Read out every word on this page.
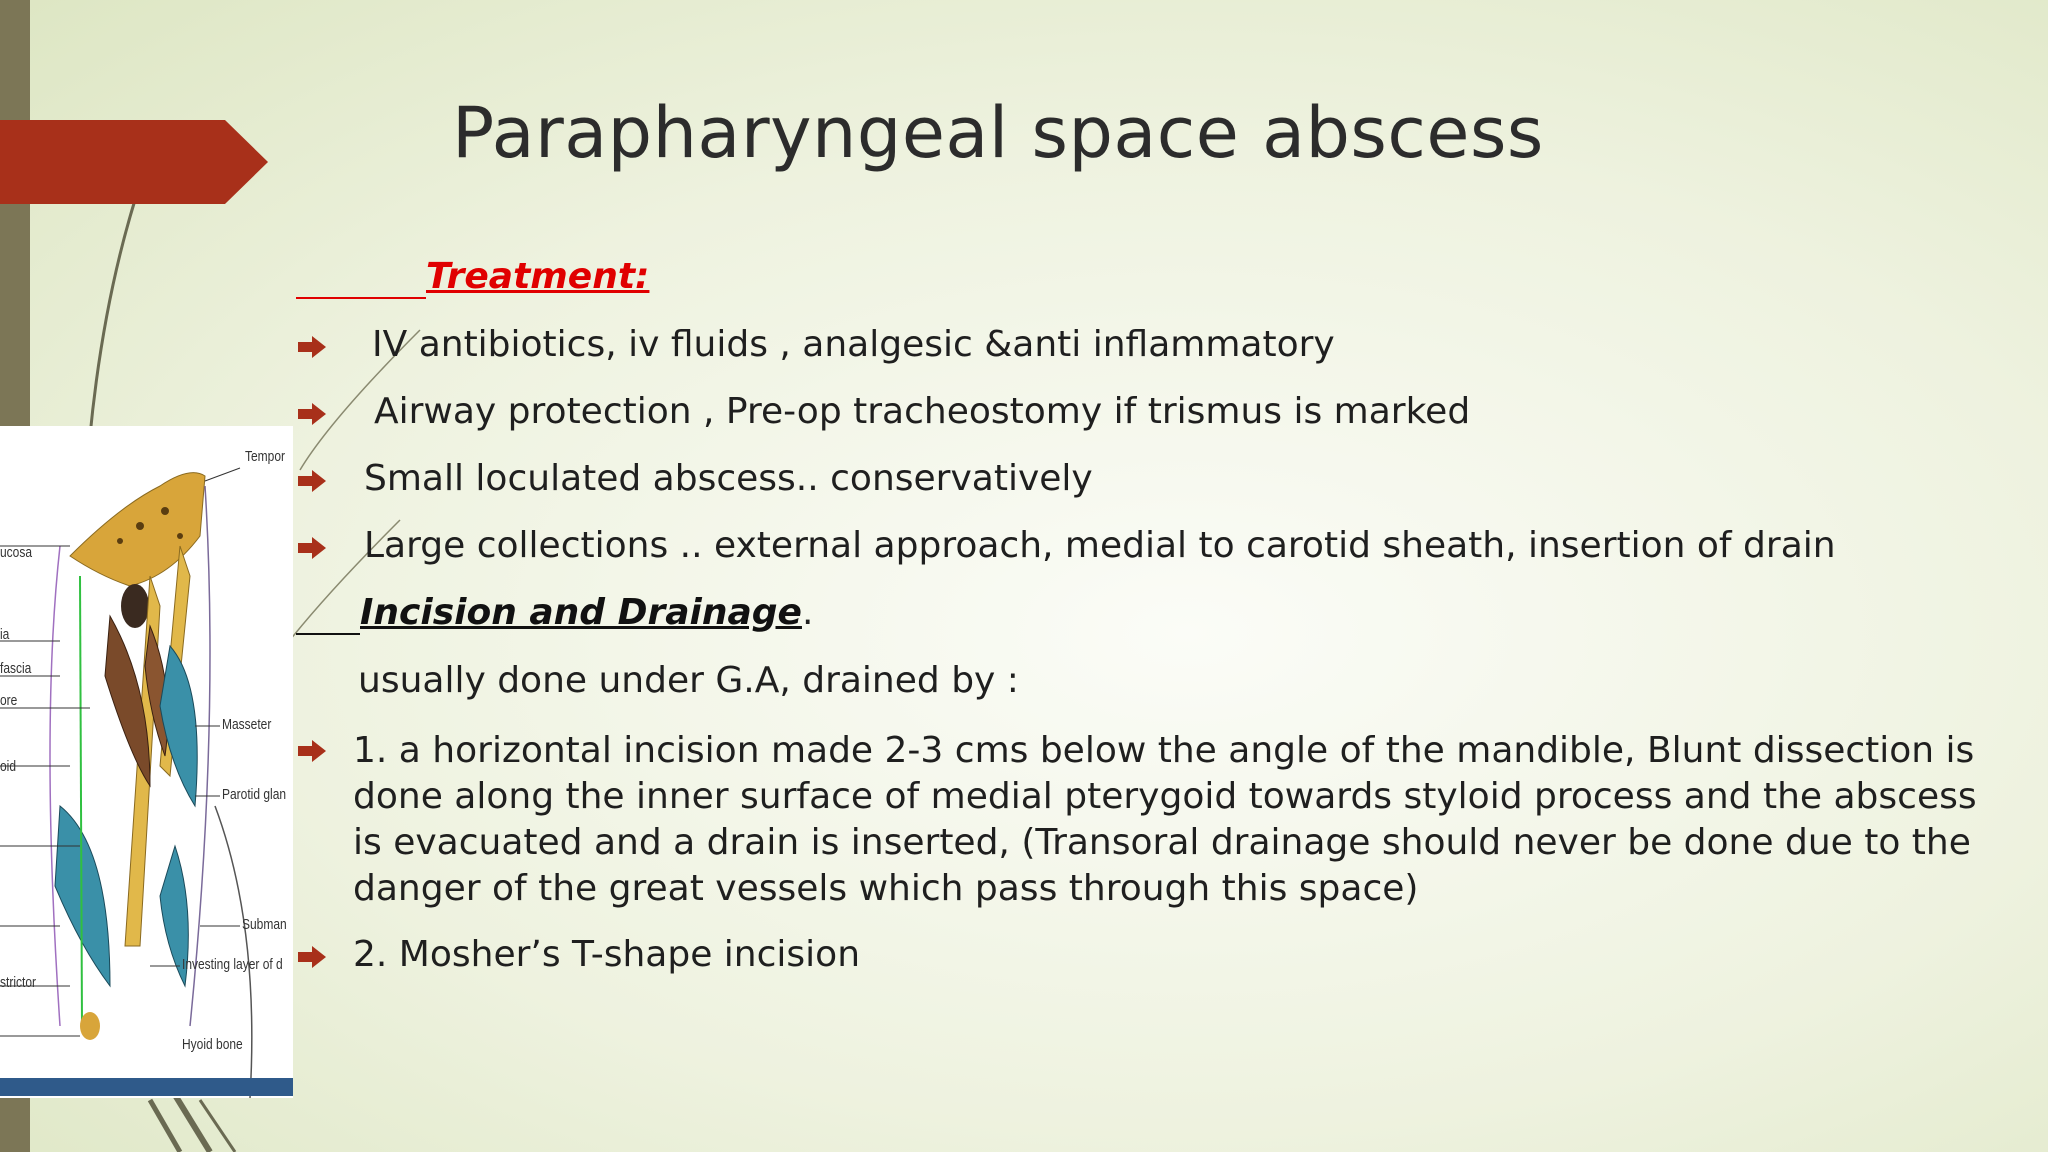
Parapharyngeal space abscess
Tempor
ucosa
ia
fascia
ore
oid
Masseter
Parotid glan
Subman
Investing layer of d
strictor
Hyoid bone
Treatment:
IV antibiotics, iv fluids , analgesic &anti inflammatory
Airway protection , Pre-op tracheostomy if trismus is marked
Small loculated abscess.. conservatively
Large collections .. external approach, medial to carotid sheath, insertion of drain
Incision and Drainage.
usually done under G.A, drained by :
1. a horizontal incision made 2-3 cms below the angle of the mandible, Blunt dissection is done along the inner surface of medial pterygoid towards styloid process and the abscess is evacuated and a drain is inserted, (Transoral drainage should never be done due to the danger of the great vessels which pass through this space)
2. Mosher’s T-shape incision
